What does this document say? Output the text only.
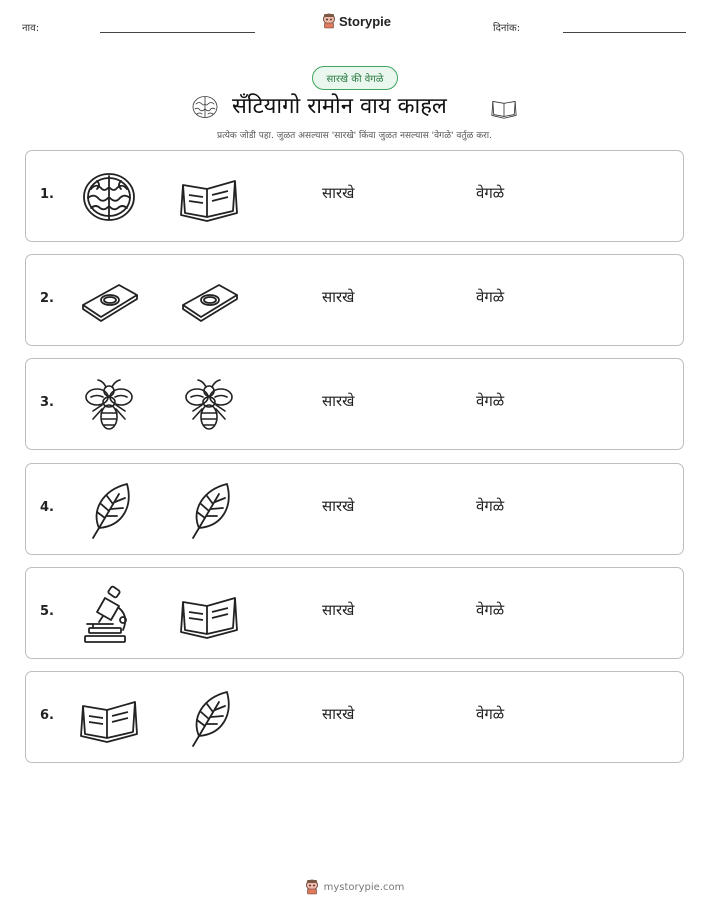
नाव:	Storypie	दिनांक:
सारखे की वेगळे
सँटियागो रामोन वाय काहल
प्रत्येक जोडी पहा. जुळत असल्यास 'सारखे' किंवा जुळत नसल्यास 'वेगळे' वर्तुळ करा.
1.	सारखे	वेगळे
2.	सारखे	वेगळे
3.	सारखे	वेगळे
4.	सारखे	वेगळे
5.	सारखे	वेगळे
6.	सारखे	वेगळे
mystorypie.com
